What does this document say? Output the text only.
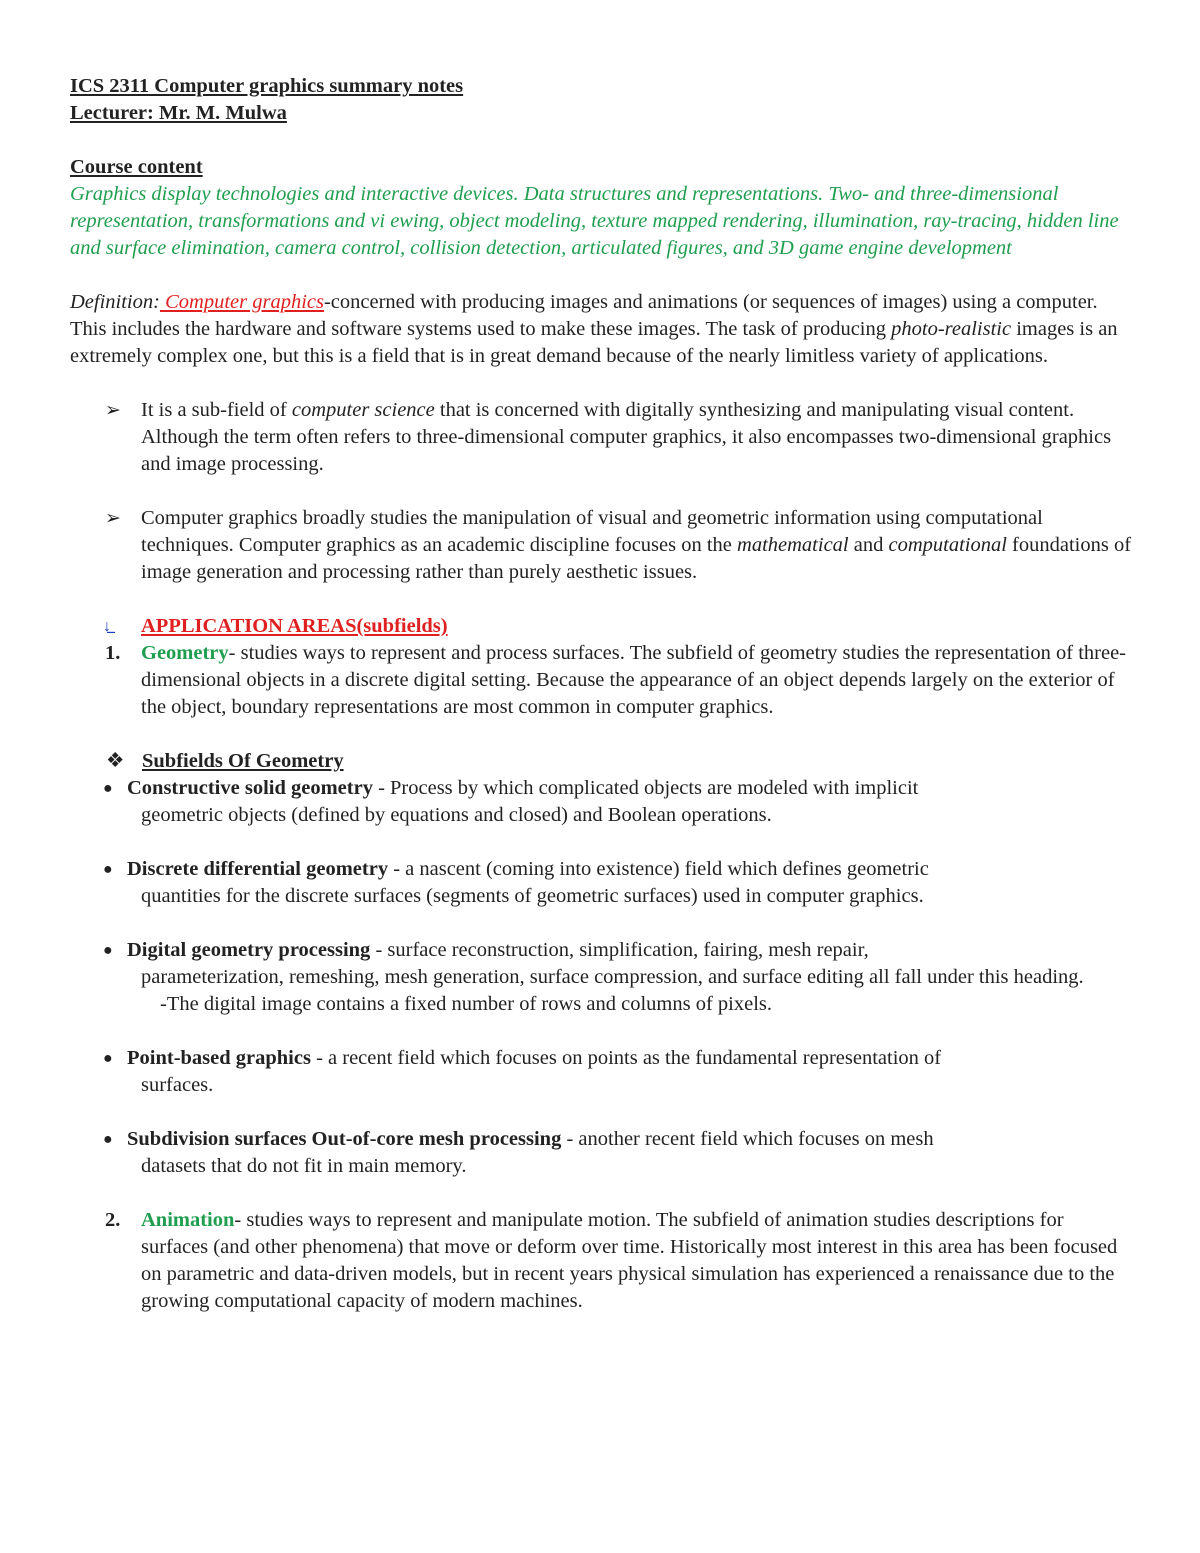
ICS 2311 Computer graphics summary notes

Lecturer: Mr. M. Mulwa

Course content

Graphics display technologies and interactive devices. Data structures and representations. Two- and three-dimensional representation, transformations and vi ewing, object modeling, texture mapped rendering, illumination, ray-tracing, hidden line and surface elimination, camera control, collision detection, articulated figures, and 3D game engine development

Definition: Computer graphics-concerned with producing images and animations (or sequences of images) using a computer. This includes the hardware and software systems used to make these images. The task of producing photo-realistic images is an extremely complex one, but this is a field that is in great demand because of the nearly limitless variety of applications.

➢ It is a sub-field of computer science that is concerned with digitally synthesizing and manipulating visual content. Although the term often refers to three-dimensional computer graphics, it also encompasses two-dimensional graphics and image processing.

➢ Computer graphics broadly studies the manipulation of visual and geometric information using computational techniques. Computer graphics as an academic discipline focuses on the mathematical and computational foundations of image generation and processing rather than purely aesthetic issues.

↓̲	APPLICATION AREAS(subfields)
1.	Geometry- studies ways to represent and process surfaces. The subfield of geometry studies the representation of three-dimensional objects in a discrete digital setting. Because the appearance of an object depends largely on the exterior of the object, boundary representations are most common in computer graphics.

❖ Subfields Of Geometry
● Constructive solid geometry - Process by which complicated objects are modeled with implicit
geometric objects (defined by equations and closed) and Boolean operations.
● Discrete differential geometry - a nascent (coming into existence) field which defines geometric
quantities for the discrete surfaces (segments of geometric surfaces) used in computer graphics.
● Digital geometry processing - surface reconstruction, simplification, fairing, mesh repair,
parameterization, remeshing, mesh generation, surface compression, and surface editing all fall under this heading.
-The digital image contains a fixed number of rows and columns of pixels.
● Point-based graphics - a recent field which focuses on points as the fundamental representation of
surfaces.
● Subdivision surfaces Out-of-core mesh processing - another recent field which focuses on mesh
datasets that do not fit in main memory.
2.	Animation- studies ways to represent and manipulate motion. The subfield of animation studies descriptions for surfaces (and other phenomena) that move or deform over time. Historically most interest in this area has been focused on parametric and data-driven models, but in recent years physical simulation has experienced a renaissance due to the growing computational capacity of modern machines.
